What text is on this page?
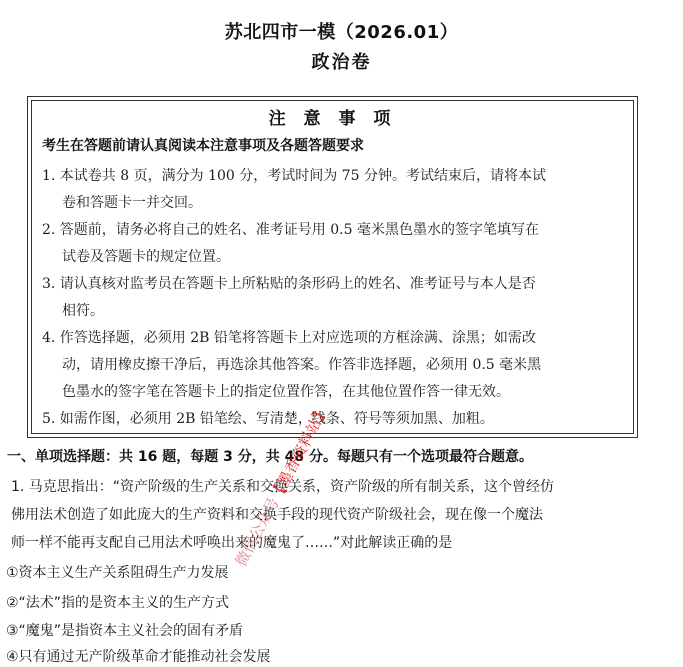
苏北四市一模（2026.01）
政治卷
注 意 事 项
考生在答题前请认真阅读本注意事项及各题答题要求
1. 本试卷共 8 页，满分为 100 分，考试时间为 75 分钟。考试结束后，请将本试
卷和答题卡一并交回。
2. 答题前，请务必将自己的姓名、准考证号用 0.5 毫米黑色墨水的签字笔填写在
试卷及答题卡的规定位置。
3. 请认真核对监考员在答题卡上所粘贴的条形码上的姓名、准考证号与本人是否
相符。
4. 作答选择题，必须用 2B 铅笔将答题卡上对应选项的方框涂满、涂黑；如需改
动，请用橡皮擦干净后，再选涂其他答案。作答非选择题，必须用 0.5 毫米黑
色墨水的签字笔在答题卡上的指定位置作答，在其他位置作答一律无效。
5. 如需作图，必须用 2B 铅笔绘、写清楚，线条、符号等须加黑、加粗。
一、单项选择题：共 16 题，每题 3 分，共 48 分。每题只有一个选项最符合题意。
1. 马克思指出：“资产阶级的生产关系和交换关系，资产阶级的所有制关系，这个曾经仿
佛用法术创造了如此庞大的生产资料和交换手段的现代资产阶级社会，现在像一个魔法
师一样不能再支配自己用法术呼唤出来的魔鬼了……”对此解读正确的是
①资本主义生产关系阻碍生产力发展
②“法术”指的是资本主义的生产方式
③“魔鬼”是指资本主义社会的固有矛盾
④只有通过无产阶级革命才能推动社会发展
微信公众号【墨香资料站】
